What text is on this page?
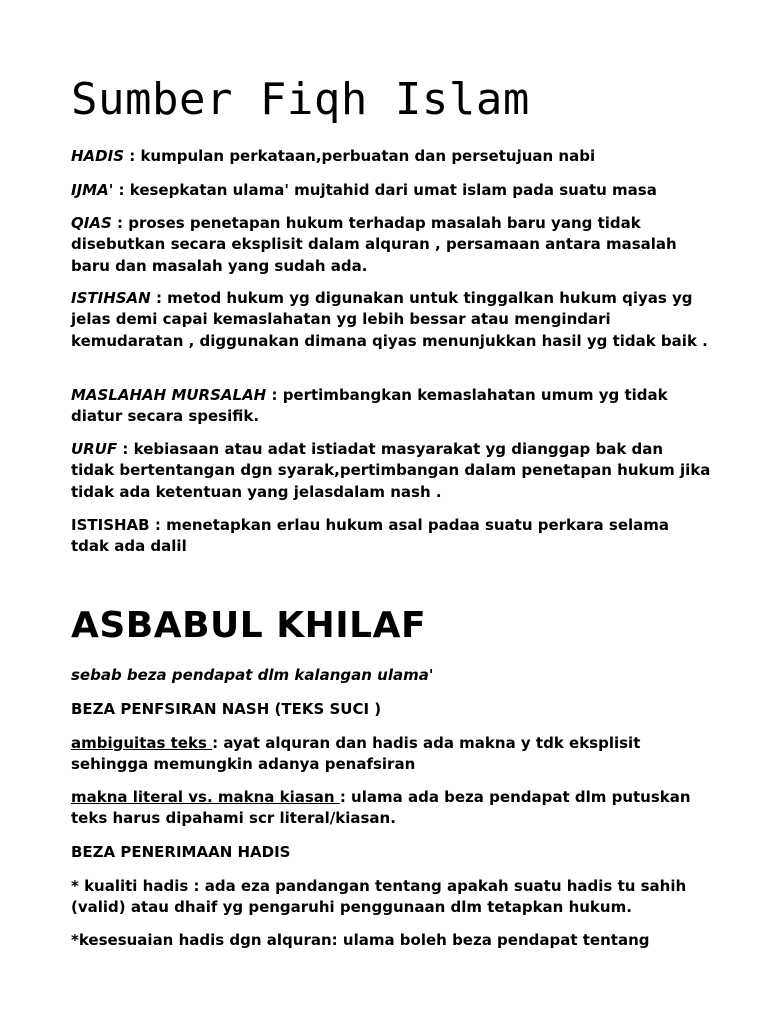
Sumber Fiqh Islam

HADIS : kumpulan perkataan,perbuatan dan persetujuan nabi

IJMA' : kesepkatan ulama' mujtahid dari umat islam pada suatu masa

QIAS : proses penetapan hukum terhadap masalah baru yang tidak disebutkan secara eksplisit dalam alquran , persamaan antara masalah baru dan masalah yang sudah ada.

ISTIHSAN : metod hukum yg digunakan untuk tinggalkan hukum qiyas yg jelas demi capai kemaslahatan yg lebih bessar atau mengindari kemudaratan , diggunakan dimana qiyas menunjukkan hasil yg tidak baik .

MASLAHAH MURSALAH : pertimbangkan kemaslahatan umum yg tidak diatur secara spesifik.

URUF : kebiasaan atau adat istiadat masyarakat yg dianggap bak dan tidak bertentangan dgn syarak,pertimbangan dalam penetapan hukum jika tidak ada ketentuan yang jelasdalam nash .

ISTISHAB : menetapkan erlau hukum asal padaa suatu perkara selama tdak ada dalil

ASBABUL KHILAF

sebab beza pendapat dlm kalangan ulama'

BEZA PENFSIRAN NASH (TEKS SUCI )

ambiguitas teks : ayat alquran dan hadis ada makna y tdk eksplisit sehingga memungkin adanya penafsiran

makna literal vs. makna kiasan : ulama ada beza pendapat dlm putuskan teks harus dipahami scr literal/kiasan.

BEZA PENERIMAAN HADIS

* kualiti hadis : ada eza pandangan tentang apakah suatu hadis tu sahih (valid) atau dhaif yg pengaruhi penggunaan dlm tetapkan hukum.

*kesesuaian hadis dgn alquran: ulama boleh beza pendapat tentang
